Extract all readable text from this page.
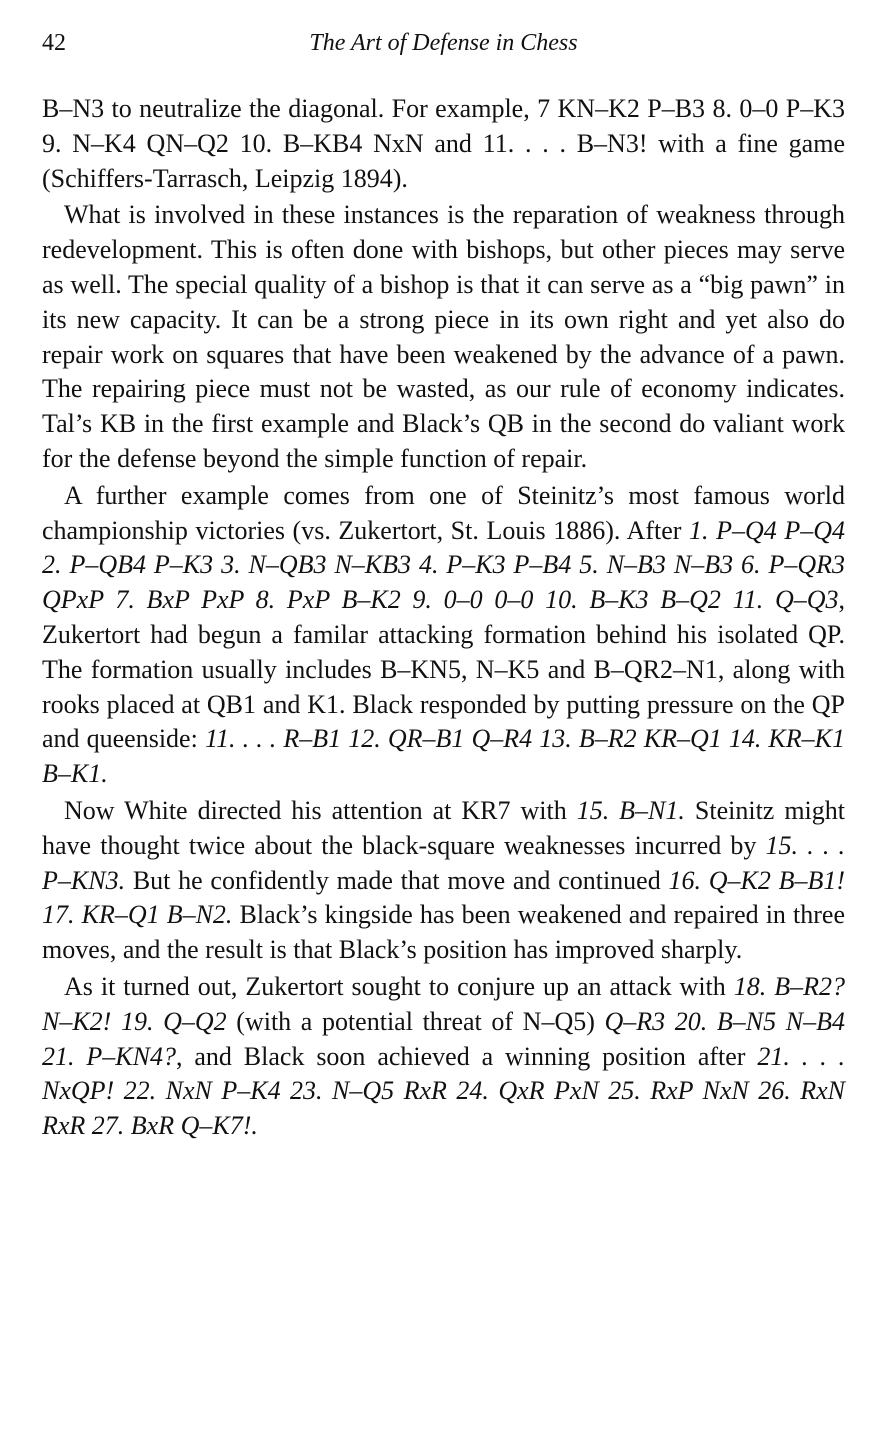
42	The Art of Defense in Chess

B–N3 to neutralize the diagonal. For example, 7 KN–K2 P–B3 8. 0–0 P–K3 9. N–K4 QN–Q2 10. B–KB4 NxN and 11. . . . B–N3! with a fine game (Schiffers-Tarrasch, Leipzig 1894).

What is involved in these instances is the reparation of weakness through redevelopment. This is often done with bishops, but other pieces may serve as well. The special quality of a bishop is that it can serve as a “big pawn” in its new capacity. It can be a strong piece in its own right and yet also do repair work on squares that have been weakened by the advance of a pawn. The repairing piece must not be wasted, as our rule of economy indicates. Tal’s KB in the first example and Black’s QB in the second do valiant work for the defense beyond the simple function of repair.

A further example comes from one of Steinitz’s most famous world championship victories (vs. Zukertort, St. Louis 1886). After 1. P–Q4 P–Q4 2. P–QB4 P–K3 3. N–QB3 N–KB3 4. P–K3 P–B4 5. N–B3 N–B3 6. P–QR3 QPxP 7. BxP PxP 8. PxP B–K2 9. 0–0 0–0 10. B–K3 B–Q2 11. Q–Q3, Zukertort had begun a familar attacking formation behind his isolated QP. The formation usually includes B–KN5, N–K5 and B–QR2–N1, along with rooks placed at QB1 and K1. Black responded by putting pressure on the QP and queenside: 11. . . . R–B1 12. QR–B1 Q–R4 13. B–R2 KR–Q1 14. KR–K1 B–K1.

Now White directed his attention at KR7 with 15. B–N1. Steinitz might have thought twice about the black-square weaknesses incurred by 15. . . . P–KN3. But he confidently made that move and continued 16. Q–K2 B–B1! 17. KR–Q1 B–N2. Black’s kingside has been weakened and repaired in three moves, and the result is that Black’s position has improved sharply.

As it turned out, Zukertort sought to conjure up an attack with 18. B–R2? N–K2! 19. Q–Q2 (with a potential threat of N–Q5) Q–R3 20. B–N5 N–B4 21. P–KN4?, and Black soon achieved a winning position after 21. . . . NxQP! 22. NxN P–K4 23. N–Q5 RxR 24. QxR PxN 25. RxP NxN 26. RxN RxR 27. BxR Q–K7!.
